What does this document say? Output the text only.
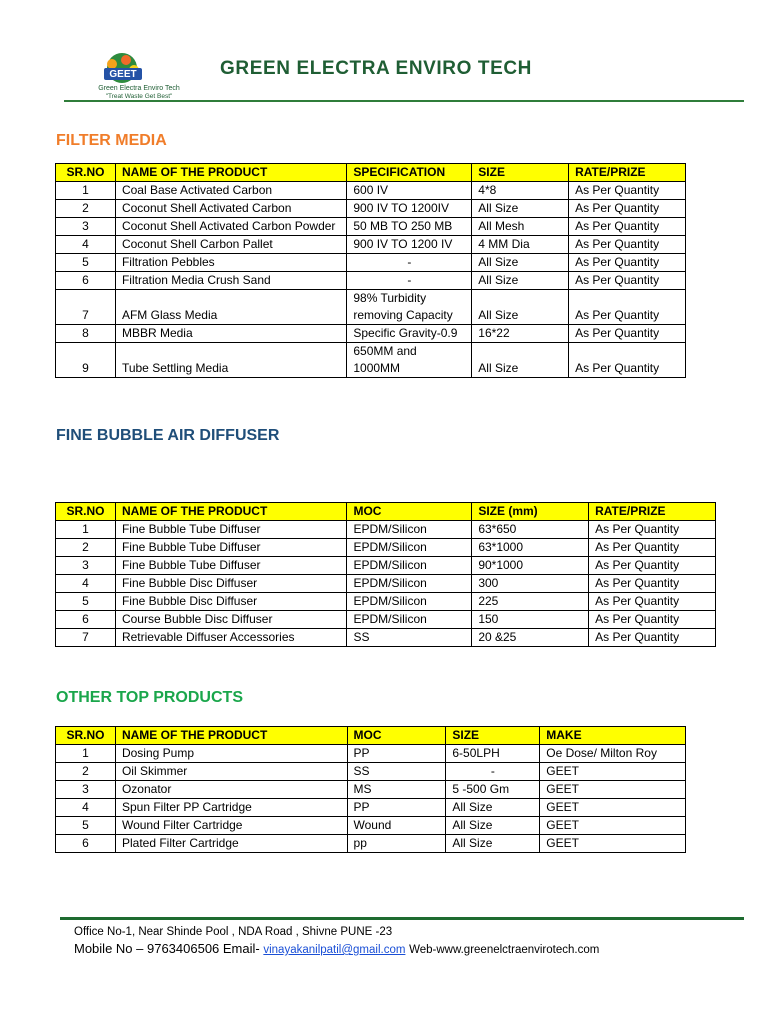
GEET
Green Electra Enviro Tech
"Treat Waste Get Best"
GREEN ELECTRA ENVIRO TECH
FILTER MEDIA
SR.NO	NAME OF THE PRODUCT	SPECIFICATION	SIZE	RATE/PRIZE
1	Coal Base Activated Carbon	600 IV	4*8	As Per Quantity
2	Coconut Shell Activated Carbon	900 IV TO 1200IV	All Size	As Per Quantity
3	Coconut Shell Activated Carbon Powder	50 MB TO 250 MB	All Mesh	As Per Quantity
4	Coconut Shell Carbon Pallet	900 IV TO 1200 IV	4 MM Dia	As Per Quantity
5	Filtration Pebbles	-	All Size	As Per Quantity
6	Filtration Media Crush Sand	-	All Size	As Per Quantity
7	AFM Glass Media	98% Turbidity removing Capacity	All Size	As Per Quantity
8	MBBR Media	Specific Gravity-0.9	16*22	As Per Quantity
9	Tube Settling Media	650MM and 1000MM	All Size	As Per Quantity
FINE BUBBLE AIR DIFFUSER
SR.NO	NAME OF THE PRODUCT	MOC	SIZE (mm)	RATE/PRIZE
1	Fine Bubble Tube Diffuser	EPDM/Silicon	63*650	As Per Quantity
2	Fine Bubble Tube Diffuser	EPDM/Silicon	63*1000	As Per Quantity
3	Fine Bubble Tube Diffuser	EPDM/Silicon	90*1000	As Per Quantity
4	Fine Bubble Disc Diffuser	EPDM/Silicon	300	As Per Quantity
5	Fine Bubble Disc Diffuser	EPDM/Silicon	225	As Per Quantity
6	Course Bubble Disc Diffuser	EPDM/Silicon	150	As Per Quantity
7	Retrievable Diffuser Accessories	SS	20 &25	As Per Quantity
OTHER TOP PRODUCTS
SR.NO	NAME OF THE PRODUCT	MOC	SIZE	MAKE
1	Dosing Pump	PP	6-50LPH	Oe Dose/ Milton Roy
2	Oil Skimmer	SS	-	GEET
3	Ozonator	MS	5 -500 Gm	GEET
4	Spun Filter PP Cartridge	PP	All Size	GEET
5	Wound Filter Cartridge	Wound	All Size	GEET
6	Plated Filter Cartridge	pp	All Size	GEET
Office No-1, Near Shinde Pool , NDA Road , Shivne PUNE -23
Mobile No – 9763406506 Email- vinayakanilpatil@gmail.com Web-www.greenelctraenvirotech.com
